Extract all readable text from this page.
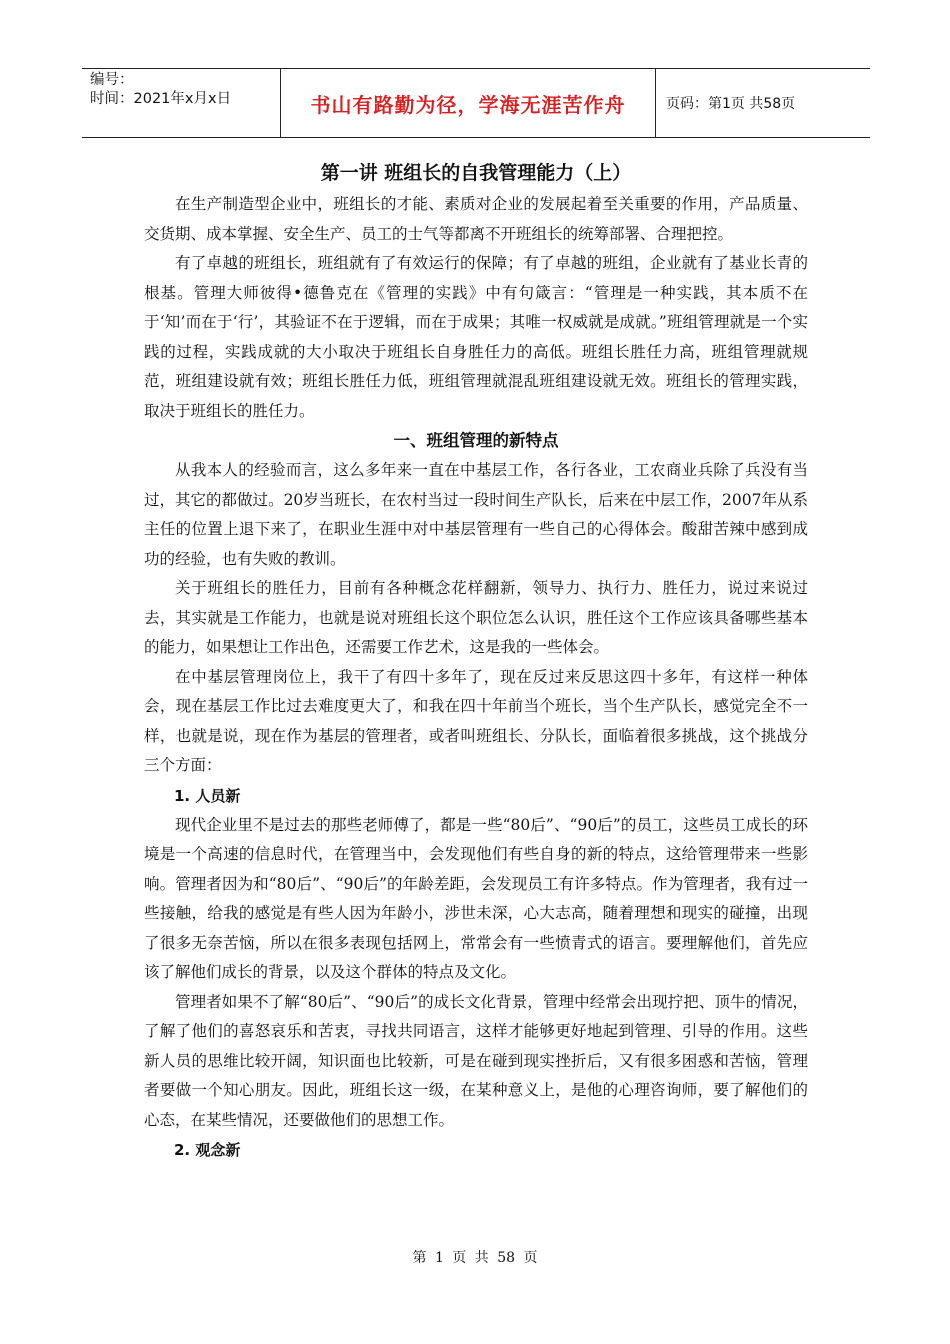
编号：
时间：2021年x月x日	书山有路勤为径，学海无涯苦作舟	页码：第1页 共58页
第一讲 班组长的自我管理能力（上）

在生产制造型企业中，班组长的才能、素质对企业的发展起着至关重要的作用，产品质量、交货期、成本掌握、安全生产、员工的士气等都离不开班组长的统筹部署、合理把控。

有了卓越的班组长，班组就有了有效运行的保障；有了卓越的班组，企业就有了基业长青的根基。管理大师彼得•德鲁克在《管理的实践》中有句箴言：“管理是一种实践，其本质不在于‘知’而在于‘行’，其验证不在于逻辑，而在于成果；其唯一权威就是成就。”班组管理就是一个实践的过程，实践成就的大小取决于班组长自身胜任力的高低。班组长胜任力高，班组管理就规范，班组建设就有效；班组长胜任力低，班组管理就混乱班组建设就无效。班组长的管理实践，取决于班组长的胜任力。

一、班组管理的新特点

从我本人的经验而言，这么多年来一直在中基层工作，各行各业，工农商业兵除了兵没有当过，其它的都做过。20岁当班长，在农村当过一段时间生产队长，后来在中层工作，2007年从系主任的位置上退下来了，在职业生涯中对中基层管理有一些自己的心得体会。酸甜苦辣中感到成功的经验，也有失败的教训。

关于班组长的胜任力，目前有各种概念花样翻新，领导力、执行力、胜任力，说过来说过去，其实就是工作能力，也就是说对班组长这个职位怎么认识，胜任这个工作应该具备哪些基本的能力，如果想让工作出色，还需要工作艺术，这是我的一些体会。

在中基层管理岗位上，我干了有四十多年了，现在反过来反思这四十多年，有这样一种体会，现在基层工作比过去难度更大了，和我在四十年前当个班长，当个生产队长，感觉完全不一样，也就是说，现在作为基层的管理者，或者叫班组长、分队长，面临着很多挑战，这个挑战分三个方面：

1. 人员新

现代企业里不是过去的那些老师傅了，都是一些“80后”、“90后”的员工，这些员工成长的环境是一个高速的信息时代，在管理当中，会发现他们有些自身的新的特点，这给管理带来一些影响。管理者因为和“80后”、“90后”的年龄差距，会发现员工有许多特点。作为管理者，我有过一些接触，给我的感觉是有些人因为年龄小，涉世未深，心大志高，随着理想和现实的碰撞，出现了很多无奈苦恼，所以在很多表现包括网上，常常会有一些愤青式的语言。要理解他们，首先应该了解他们成长的背景，以及这个群体的特点及文化。

管理者如果不了解“80后”、“90后”的成长文化背景，管理中经常会出现拧把、顶牛的情况，了解了他们的喜怒哀乐和苦衷，寻找共同语言，这样才能够更好地起到管理、引导的作用。这些新人员的思维比较开阔，知识面也比较新，可是在碰到现实挫折后，又有很多困惑和苦恼，管理者要做一个知心朋友。因此，班组长这一级，在某种意义上，是他的心理咨询师，要了解他们的心态，在某些情况，还要做他们的思想工作。

2. 观念新
第 1 页 共 58 页
